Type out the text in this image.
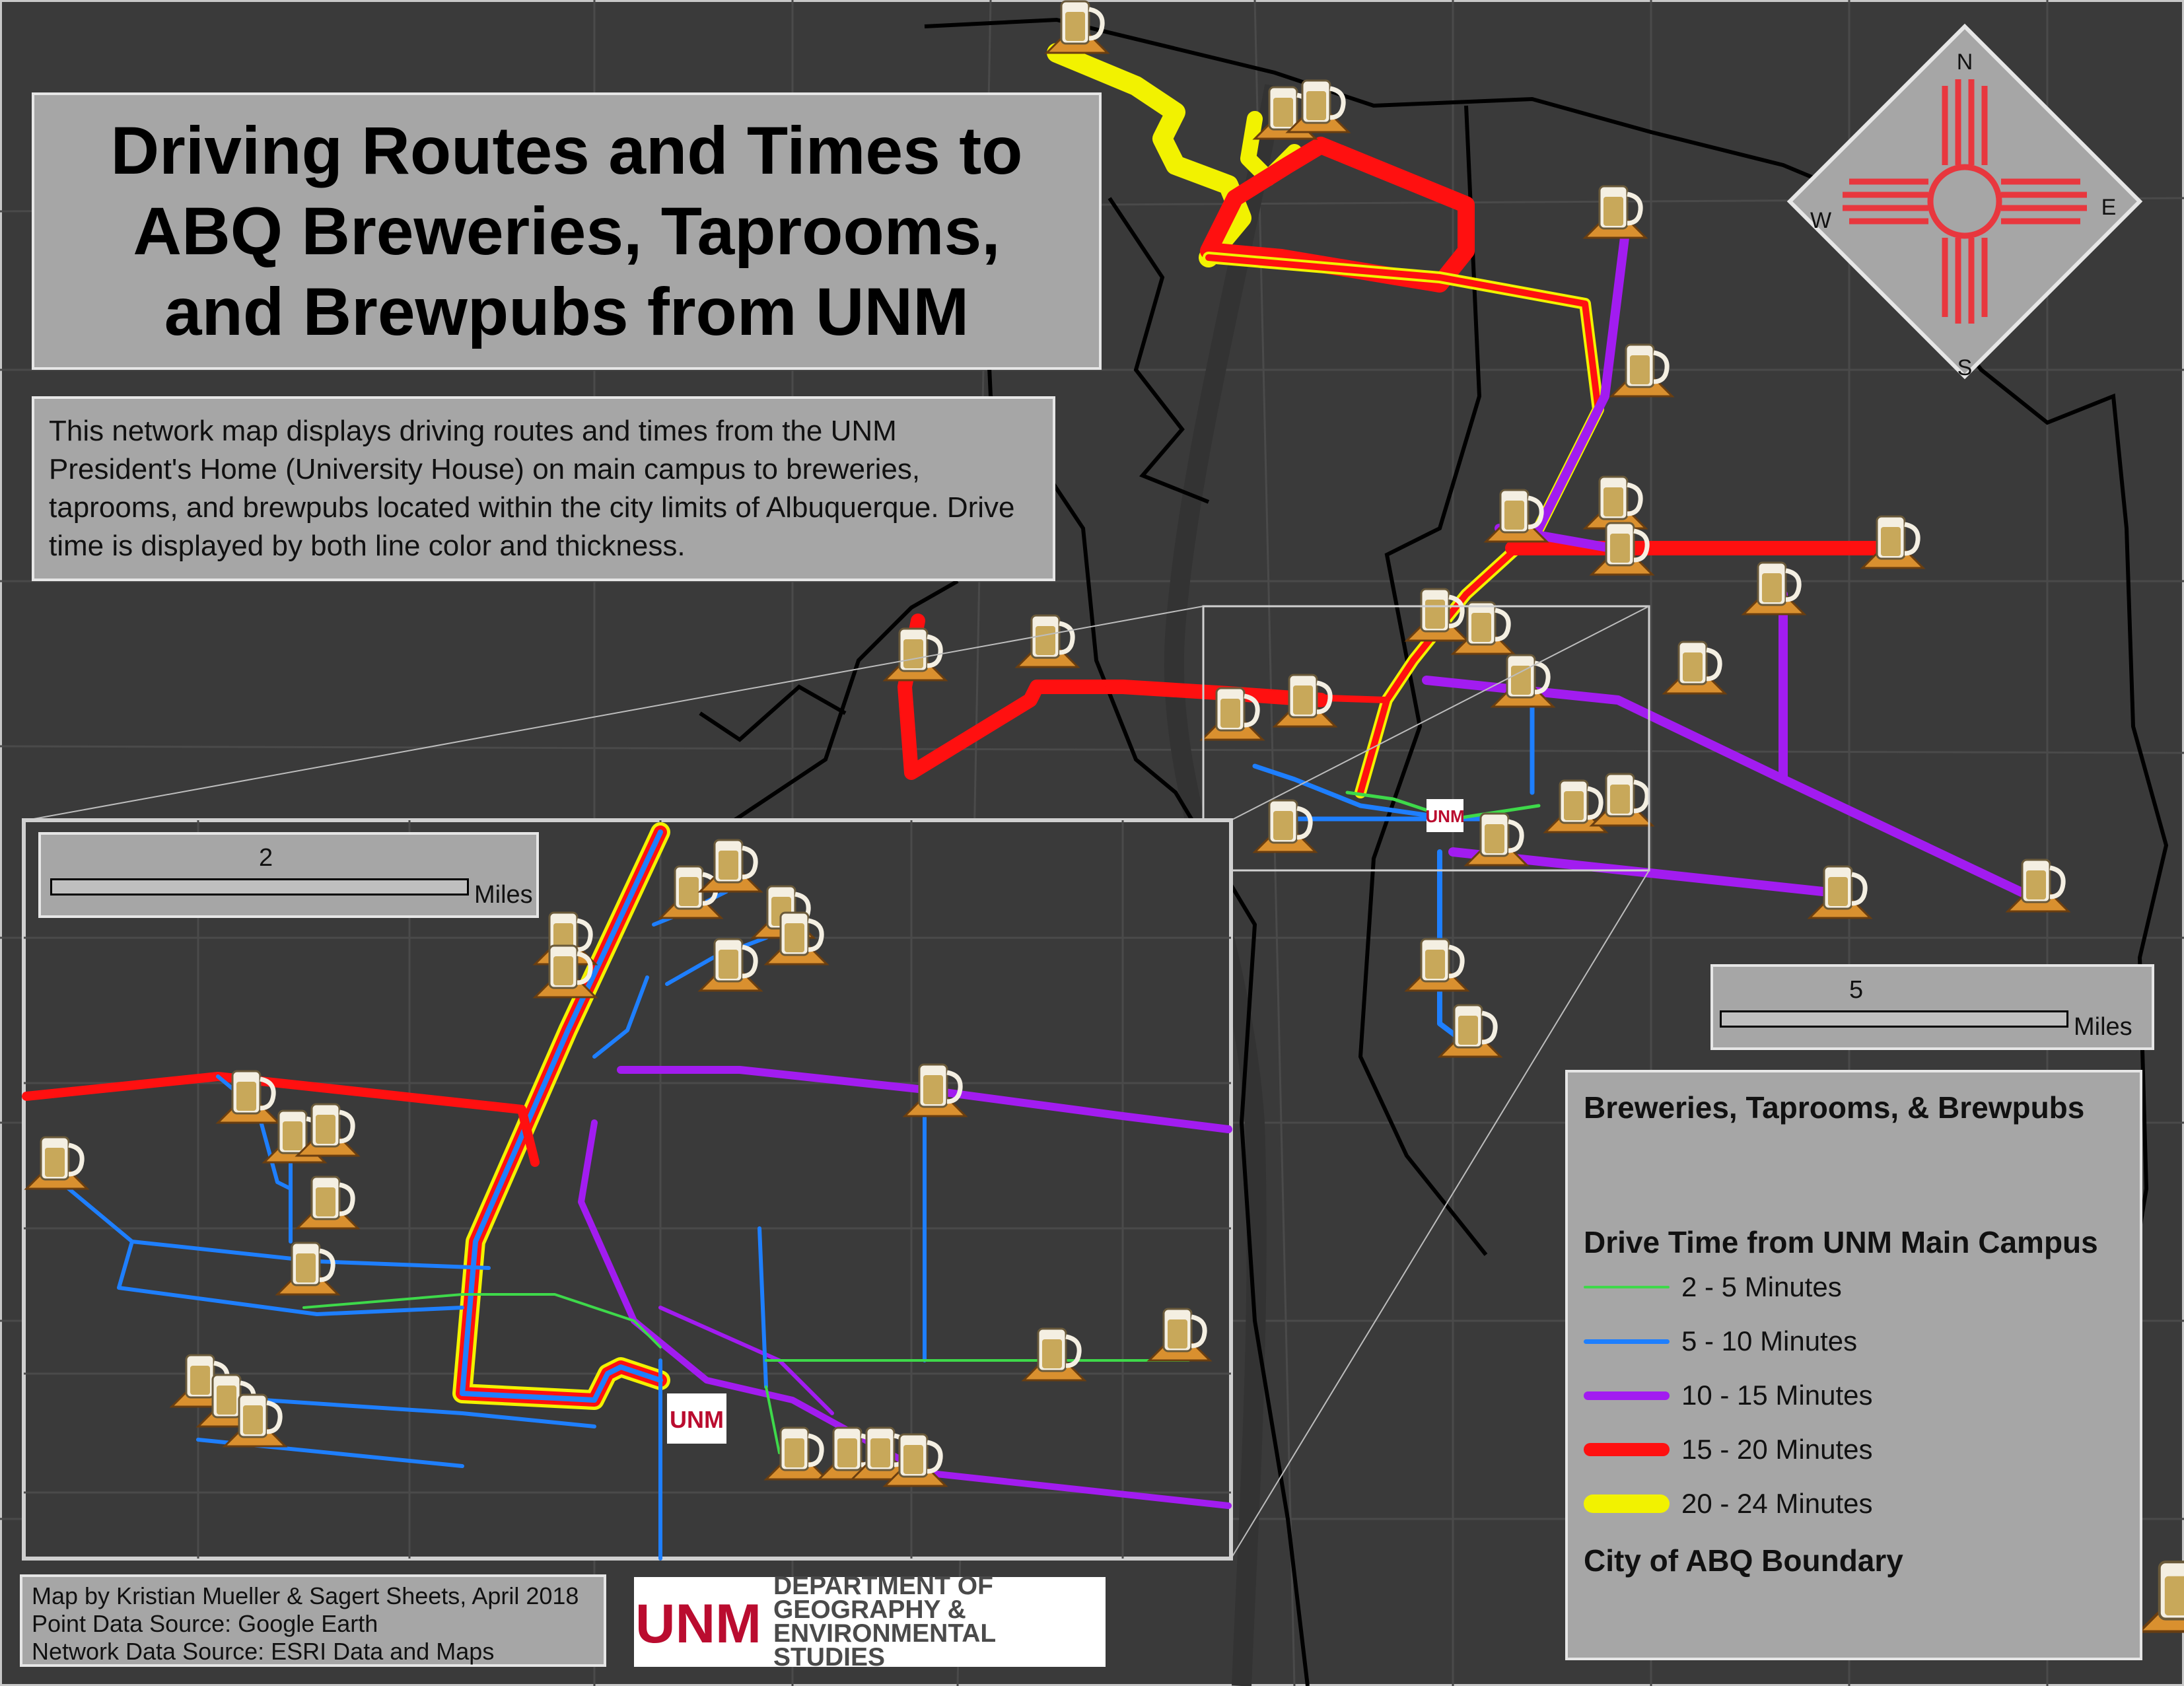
UNM
UNM
N
S
E
W
Driving Routes and Times to
ABQ Breweries, Taprooms,
and Brewpubs from UNM
This network map displays driving routes and times from the UNM President's Home (University House) on main campus to breweries, taprooms, and brewpubs located within the city limits of Albuquerque. Drive time is displayed by both line color and thickness.
2
Miles
5
Miles
Breweries, Taprooms, & Brewpubs
Drive Time from UNM Main Campus
2 - 5 Minutes
5 - 10 Minutes
10 - 15 Minutes
15 - 20 Minutes
20 - 24 Minutes
City of ABQ Boundary
Map by Kristian Mueller & Sagert Sheets, April 2018
Point Data Source: Google Earth
Network Data Source: ESRI Data and Maps	UNM
DEPARTMENT OF
GEOGRAPHY &
ENVIRONMENTAL STUDIES
